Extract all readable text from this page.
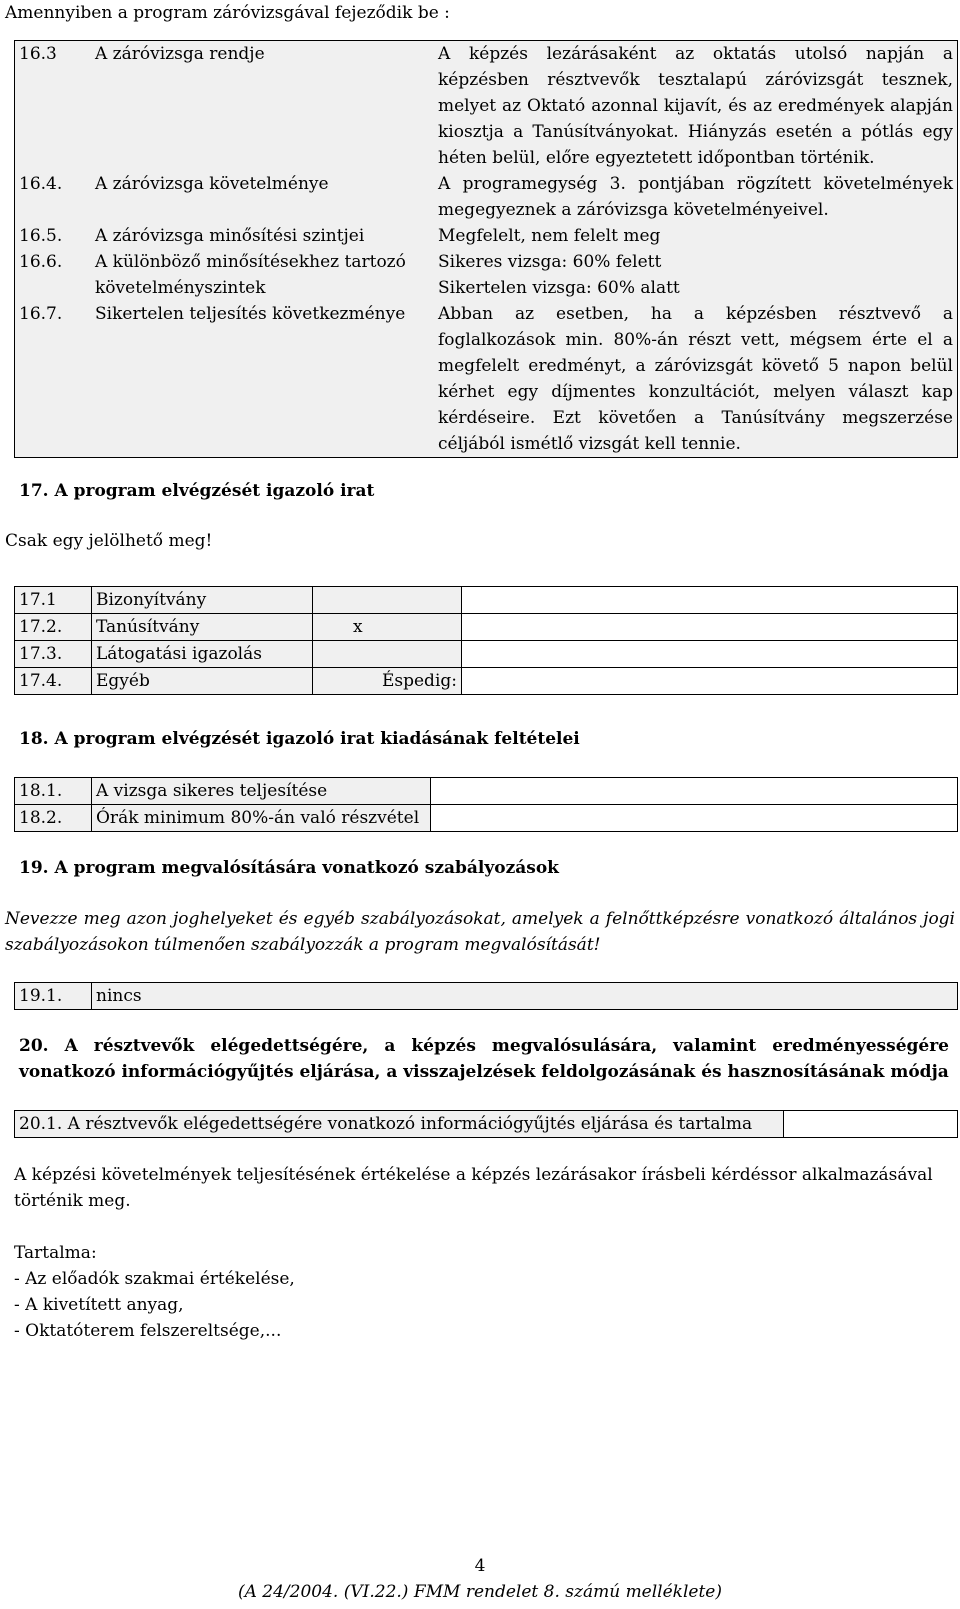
Amennyiben a program záróvizsgával fejeződik be :
16.3	A záróvizsga rendje	A képzés lezárásaként az oktatás utolsó napján a képzésben résztvevők tesztalapú záróvizsgát tesznek, melyet az Oktató azonnal kijavít, és az eredmények alapján kiosztja a Tanúsítványokat. Hiányzás esetén a pótlás egy héten belül, előre egyeztetett időpontban történik.
16.4.	A záróvizsga követelménye	A programegység 3. pontjában rögzített követelmények megegyeznek a záróvizsga követelményeivel.
16.5.	A záróvizsga minősítési szintjei	Megfelelt, nem felelt meg
16.6.	A különböző minősítésekhez tartozó követelményszintek	Sikeres vizsga: 60% felett
Sikertelen vizsga: 60% alatt

16.7.	Sikertelen teljesítés következménye	Abban az esetben, ha a képzésben résztvevő a foglalkozások min. 80%-án részt vett, mégsem érte el a megfelelt eredményt, a záróvizsgát követő 5 napon belül kérhet egy díjmentes konzultációt, melyen választ kap kérdéseire. Ezt követően a Tanúsítvány megszerzése céljából ismétlő vizsgát kell tennie.
17. A program elvégzését igazoló irat
Csak egy jelölhető meg!
17.1	Bizonyítvány		
17.2.	Tanúsítvány	x	
17.3.	Látogatási igazolás		
17.4.	Egyéb	Éspedig:	
18. A program elvégzését igazoló irat kiadásának feltételei
18.1.	A vizsga sikeres teljesítése	
18.2.	Órák minimum 80%-án való részvétel	
19. A program megvalósítására vonatkozó szabályozások
Nevezze meg azon joghelyeket és egyéb szabályozásokat, amelyek a felnőttképzésre vonatkozó általános jogi szabályozásokon túlmenően szabályozzák a program megvalósítását!
19.1.	nincs
20. A résztvevők elégedettségére, a képzés megvalósulására, valamint eredményességére vonatkozó információgyűjtés eljárása, a visszajelzések feldolgozásának és hasznosításának módja
20.1. A résztvevők elégedettségére vonatkozó információgyűjtés eljárása és tartalma	
A képzési követelmények teljesítésének értékelése a képzés lezárásakor írásbeli kérdéssor alkalmazásával történik meg.
Tartalma:
- Az előadók szakmai értékelése,
- A kivetített anyag,
- Oktatóterem felszereltsége,...
4
(A 24/2004. (VI.22.) FMM rendelet 8. számú melléklete)
